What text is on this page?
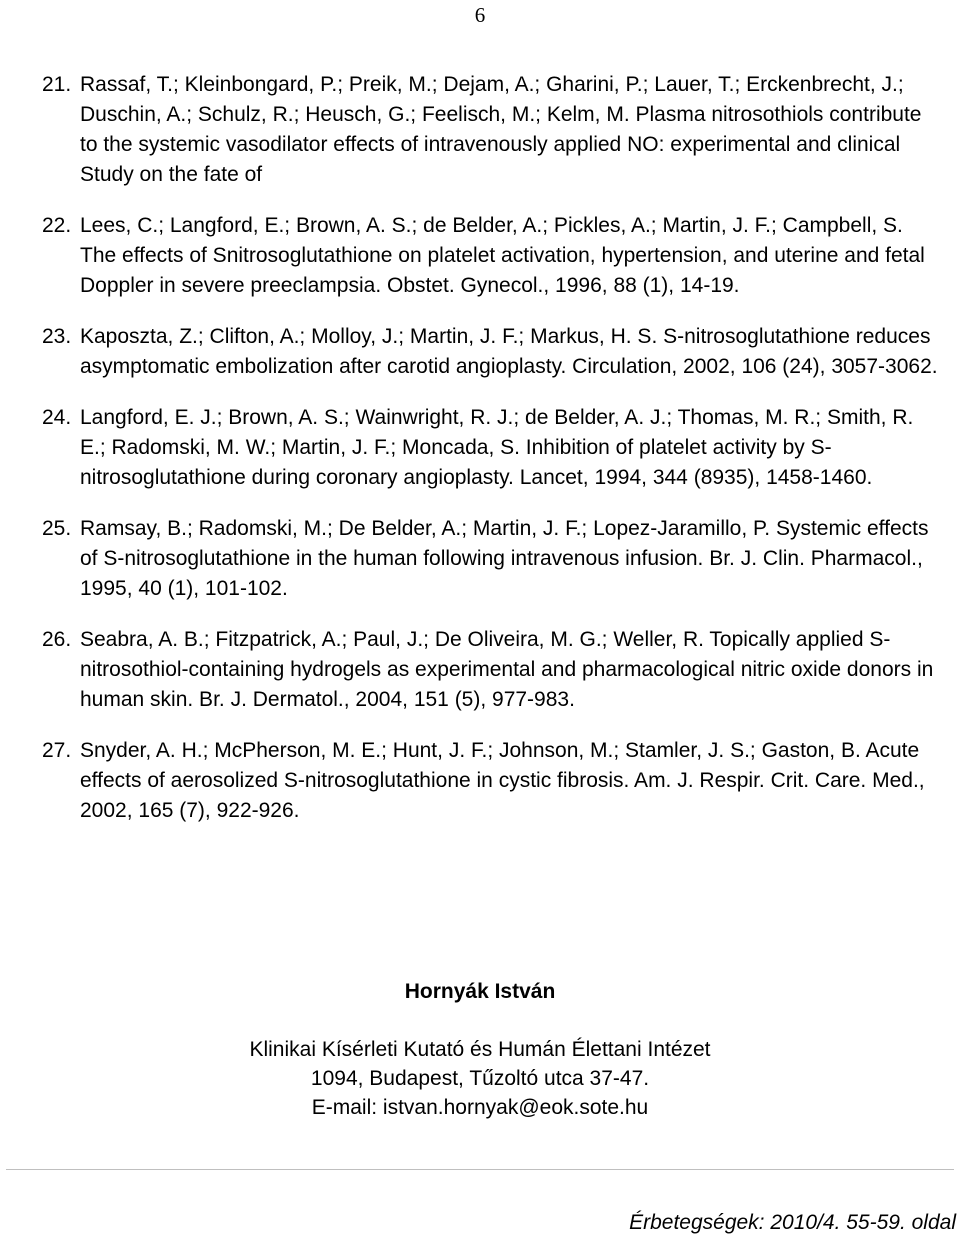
6
21. Rassaf, T.; Kleinbongard, P.; Preik, M.; Dejam, A.; Gharini, P.; Lauer, T.; Erckenbrecht, J.; Duschin, A.; Schulz, R.; Heusch, G.; Feelisch, M.; Kelm, M. Plasma nitrosothiols contribute to the systemic vasodilator effects of intravenously applied NO: experimental and clinical Study on the fate of
22. Lees, C.; Langford, E.; Brown, A. S.; de Belder, A.; Pickles, A.; Martin, J. F.; Campbell, S. The effects of Snitrosoglutathione on platelet activation, hypertension, and uterine and fetal Doppler in severe preeclampsia. Obstet. Gynecol., 1996, 88 (1), 14-19.
23. Kaposzta, Z.; Clifton, A.; Molloy, J.; Martin, J. F.; Markus, H. S. S-nitrosoglutathione reduces asymptomatic embolization after carotid angioplasty. Circulation, 2002, 106 (24), 3057-3062.
24. Langford, E. J.; Brown, A. S.; Wainwright, R. J.; de Belder, A. J.; Thomas, M. R.; Smith, R. E.; Radomski, M. W.; Martin, J. F.; Moncada, S. Inhibition of platelet activity by S-nitrosoglutathione during coronary angioplasty. Lancet, 1994, 344 (8935), 1458-1460.
25. Ramsay, B.; Radomski, M.; De Belder, A.; Martin, J. F.; Lopez-Jaramillo, P. Systemic effects of S-nitrosoglutathione in the human following intravenous infusion. Br. J. Clin. Pharmacol., 1995, 40 (1), 101-102.
26. Seabra, A. B.; Fitzpatrick, A.; Paul, J.; De Oliveira, M. G.; Weller, R. Topically applied S-nitrosothiol-containing hydrogels as experimental and pharmacological nitric oxide donors in human skin. Br. J. Dermatol., 2004, 151 (5), 977-983.
27. Snyder, A. H.; McPherson, M. E.; Hunt, J. F.; Johnson, M.; Stamler, J. S.; Gaston, B. Acute effects of aerosolized S-nitrosoglutathione in cystic fibrosis. Am. J. Respir. Crit. Care. Med., 2002, 165 (7), 922-926.
Hornyák István
Klinikai Kísérleti Kutató és Humán Élettani Intézet
1094, Budapest, Tűzoltó utca 37-47.
E-mail: istvan.hornyak@eok.sote.hu
Érbetegségek: 2010/4. 55-59. oldal
